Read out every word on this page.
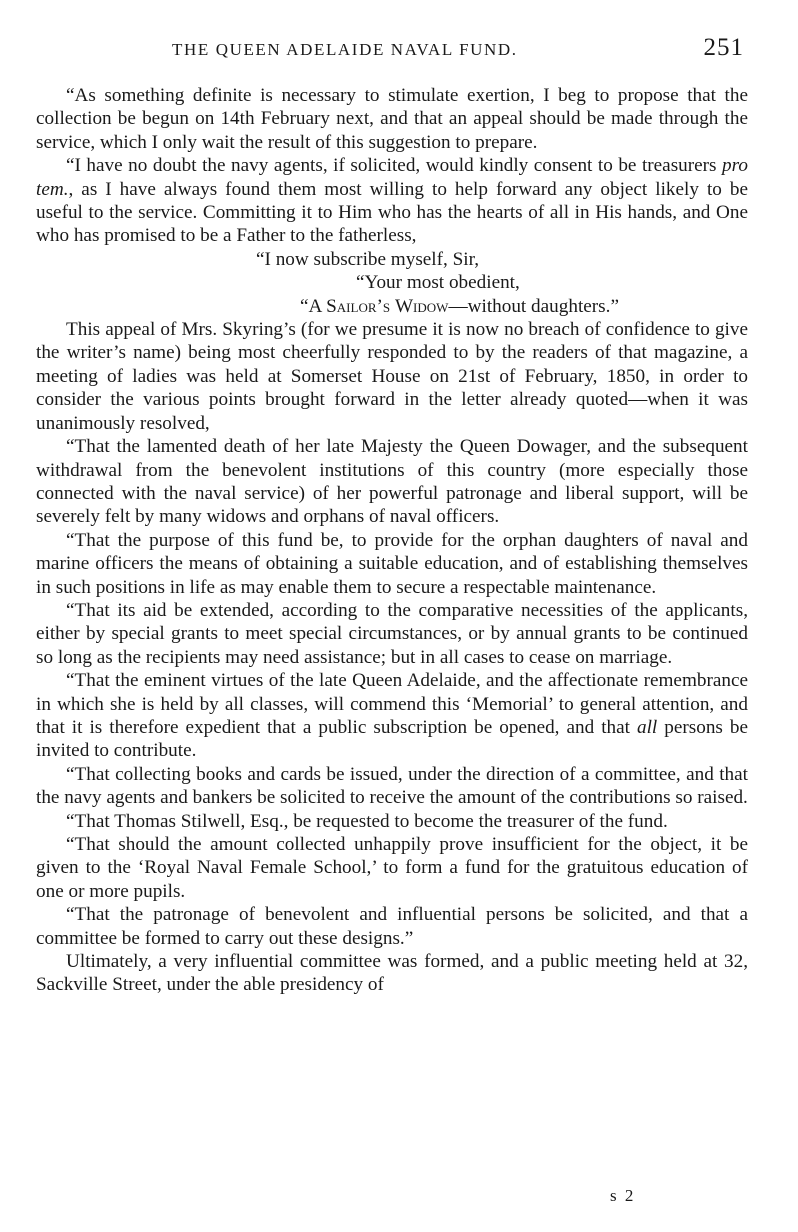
THE QUEEN ADELAIDE NAVAL FUND.	251

“As something definite is necessary to stimulate exertion, I beg to propose that the collection be begun on 14th February next, and that an appeal should be made through the service, which I only wait the result of this suggestion to prepare.

“I have no doubt the navy agents, if solicited, would kindly consent to be treasurers pro tem., as I have always found them most willing to help forward any object likely to be useful to the service. Committing it to Him who has the hearts of all in His hands, and One who has promised to be a Father to the fatherless,

“I now subscribe myself, Sir,

“Your most obedient,

“A Sailor’s Widow—without daughters.”

This appeal of Mrs. Skyring’s (for we presume it is now no breach of confidence to give the writer’s name) being most cheerfully responded to by the readers of that magazine, a meeting of ladies was held at Somerset House on 21st of February, 1850, in order to consider the various points brought forward in the letter already quoted—when it was unanimously resolved,

“That the lamented death of her late Majesty the Queen Dowager, and the subsequent withdrawal from the benevolent institutions of this country (more especially those connected with the naval service) of her powerful patronage and liberal support, will be severely felt by many widows and orphans of naval officers.

“That the purpose of this fund be, to provide for the orphan daughters of naval and marine officers the means of obtaining a suitable education, and of establishing themselves in such positions in life as may enable them to secure a respectable maintenance.

“That its aid be extended, according to the comparative necessities of the applicants, either by special grants to meet special circumstances, or by annual grants to be continued so long as the recipients may need assistance; but in all cases to cease on marriage.

“That the eminent virtues of the late Queen Adelaide, and the affectionate remembrance in which she is held by all classes, will commend this ‘Memorial’ to general attention, and that it is therefore expedient that a public subscription be opened, and that all persons be invited to contribute.

“That collecting books and cards be issued, under the direction of a committee, and that the navy agents and bankers be solicited to receive the amount of the contributions so raised.

“That Thomas Stilwell, Esq., be requested to become the treasurer of the fund.

“That should the amount collected unhappily prove insufficient for the object, it be given to the ‘Royal Naval Female School,’ to form a fund for the gratuitous education of one or more pupils.

“That the patronage of benevolent and influential persons be solicited, and that a committee be formed to carry out these designs.”

Ultimately, a very influential committee was formed, and a public meeting held at 32, Sackville Street, under the able presidency of

s 2
